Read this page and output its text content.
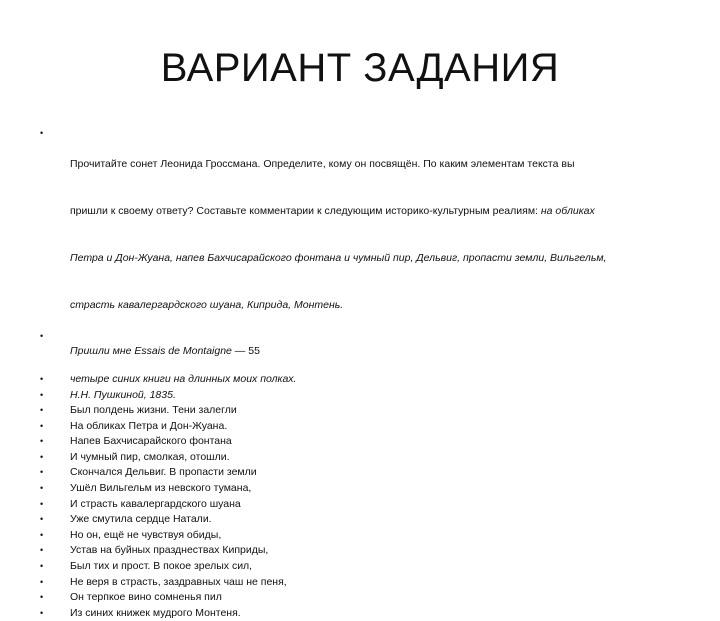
ВАРИАНТ ЗАДАНИЯ
•

Прочитайте сонет Леонида Гроссмана. Определите, кому он посвящён. По каким элементам текста вы

пришли к своему ответу? Составьте комментарии к следующим историко-культурным реалиям: на обликах

Петра и Дон-Жуана, напев Бахчисарайского фонтана и чумный пир, Дельвиг, пропасти земли, Вильгельм,

страсть кавалергардского шуана, Киприда, Монтень.

•
Пришли мне Essais de Montaigne — 55
•	четыре синих книги на длинных моих полках.
•	Н.Н. Пушкиной, 1835.
•	Был полдень жизни. Тени залегли
•	На обликах Петра и Дон-Жуана.
•	Напев Бахчисарайского фонтана
•	И чумный пир, смолкая, отошли.
•	Скончался Дельвиг. В пропасти земли
•	Ушёл Вильгельм из невского тумана,
•	И страсть кавалергардского шуана
•	Уже смутила сердце Натали.
•	Но он, ещё не чувствуя обиды,
•	Устав на буйных празднествах Киприды,
•	Был тих и прост. В покое зрелых сил,
•	Не веря в страсть, заздравных чаш не пеня,
•	Он терпкое вино сомненья пил
•	Из синих книжек мудрого Монтеня.
